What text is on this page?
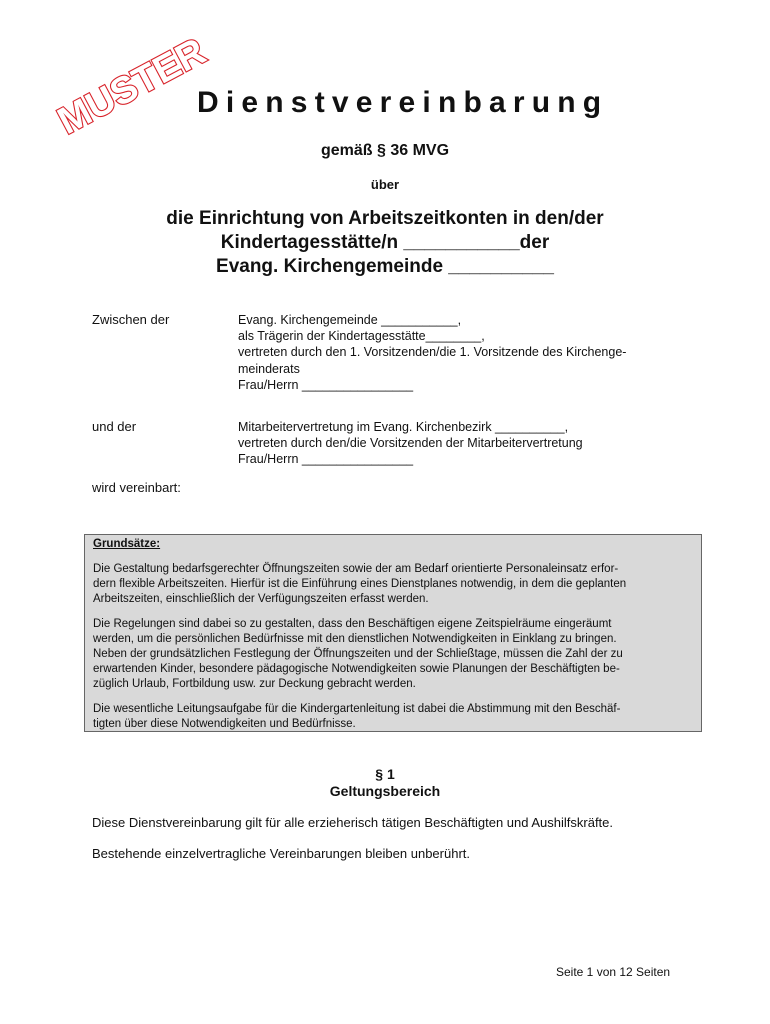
MUSTER
Dienstvereinbarung
gemäß § 36 MVG
über
die Einrichtung von Arbeitszeitkonten in den/der
Kindertagesstätte/n ___________der
Evang. Kirchengemeinde __________
Zwischen der	Evang. Kirchengemeinde ___________,
als Trägerin der Kindertagesstätte________,
vertreten durch den 1. Vorsitzenden/die 1. Vorsitzende des Kirchenge-
meinderats
Frau/Herrn ________________
und der	Mitarbeitervertretung im Evang. Kirchenbezirk __________,
vertreten durch den/die Vorsitzenden der Mitarbeitervertretung
Frau/Herrn ________________
wird vereinbart:
Grundsätze:

Die Gestaltung bedarfsgerechter Öffnungszeiten sowie der am Bedarf orientierte Personaleinsatz erfor-
dern flexible Arbeitszeiten. Hierfür ist die Einführung eines Dienstplanes notwendig, in dem die geplanten
Arbeitszeiten, einschließlich der Verfügungszeiten erfasst werden.

Die Regelungen sind dabei so zu gestalten, dass den Beschäftigen eigene Zeitspielräume eingeräumt
werden, um die persönlichen Bedürfnisse mit den dienstlichen Notwendigkeiten in Einklang zu bringen.
Neben der grundsätzlichen Festlegung der Öffnungszeiten und der Schließtage, müssen die Zahl der zu
erwartenden Kinder, besondere pädagogische Notwendigkeiten sowie Planungen der Beschäftigten be-
züglich Urlaub, Fortbildung usw. zur Deckung gebracht werden.

Die wesentliche Leitungsaufgabe für die Kindergartenleitung ist dabei die Abstimmung mit den Beschäf-
tigten über diese Notwendigkeiten und Bedürfnisse.

§ 1
Geltungsbereich
Diese Dienstvereinbarung gilt für alle erzieherisch tätigen Beschäftigten und Aushilfskräfte.
Bestehende einzelvertragliche Vereinbarungen bleiben unberührt.
Seite 1 von 12 Seiten
